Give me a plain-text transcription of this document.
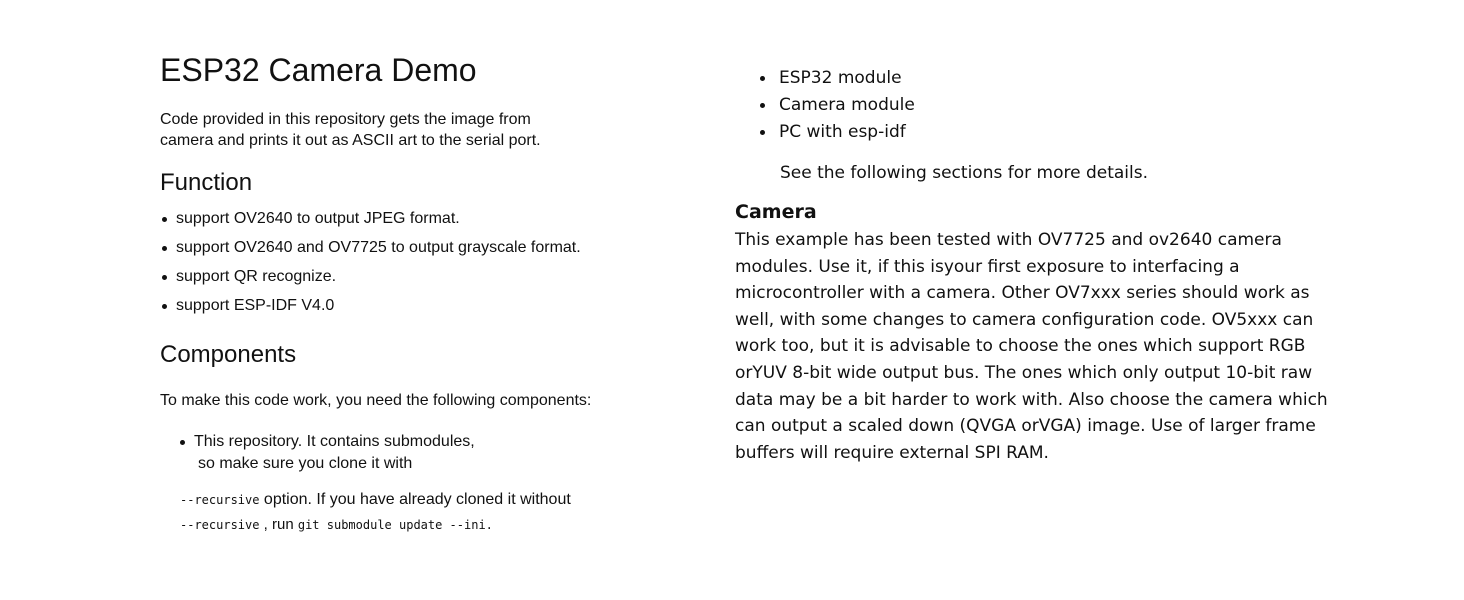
ESP32 Camera Demo

Code provided in this repository gets the image from camera and prints it out as ASCII art to the serial port.

Function
support OV2640 to output JPEG format.
support OV2640 and OV7725 to output grayscale format.
support QR recognize.
support ESP-IDF V4.0
Components

To make this code work, you need the following components:

This repository. It contains submodules,
so make sure you clone it with
--recursive option. If you have already cloned it without
--recursive , run git submodule update --ini.
ESP32 module
Camera module
PC with esp-idf
See the following sections for more details.
Camera
This example has been tested with OV7725 and ov2640 camera modules. Use it, if this isyour first exposure to interfacing a microcontroller with a camera. Other OV7xxx series should work as well, with some changes to camera configuration code. OV5xxx can work too, but it is advisable to choose the ones which support RGB orYUV 8-bit wide output bus. The ones which only output 10-bit raw data may be a bit harder to work with. Also choose the camera which can output a scaled down (QVGA orVGA) image. Use of larger frame buffers will require external SPI RAM.
